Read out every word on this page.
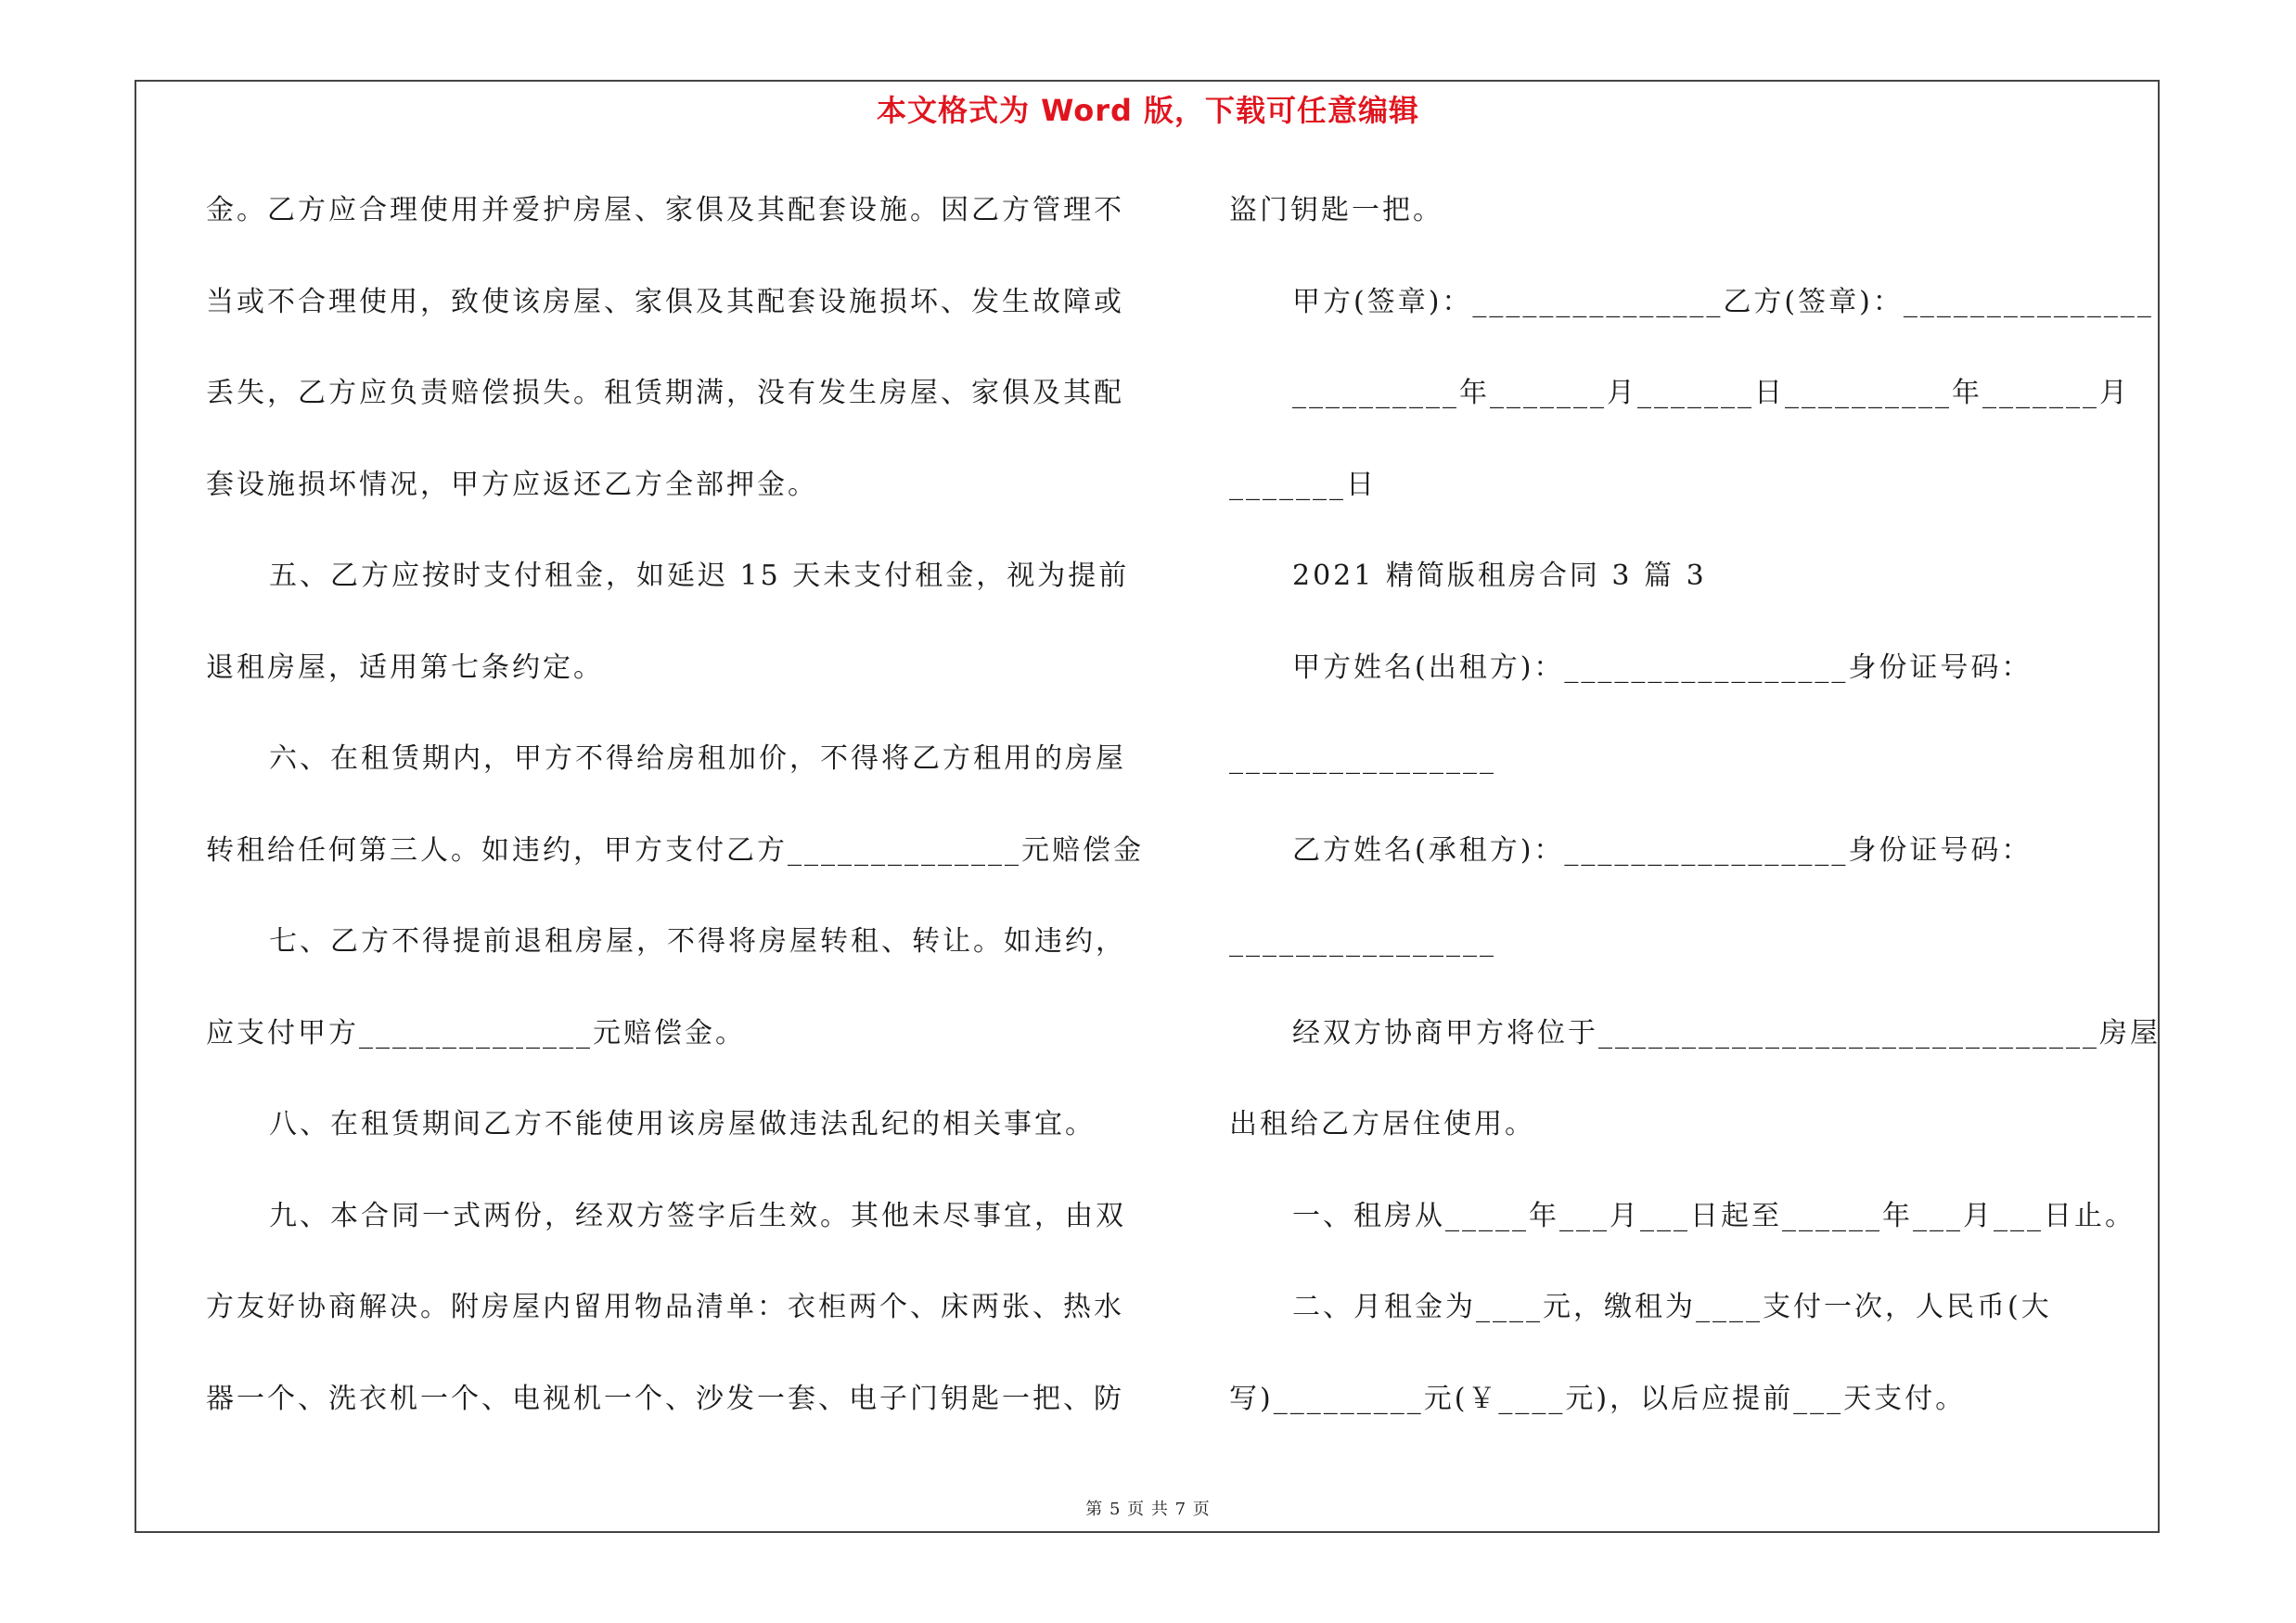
本文格式为 Word 版，下载可任意编辑
金。乙方应合理使用并爱护房屋、家俱及其配套设施。因乙方管理不
当或不合理使用，致使该房屋、家俱及其配套设施损坏、发生故障或
丢失，乙方应负责赔偿损失。租赁期满，没有发生房屋、家俱及其配
套设施损坏情况，甲方应返还乙方全部押金。
五、乙方应按时支付租金，如延迟 15 天未支付租金，视为提前
退租房屋，适用第七条约定。
六、在租赁期内，甲方不得给房租加价，不得将乙方租用的房屋
转租给任何第三人。如违约，甲方支付乙方______________元赔偿金
七、乙方不得提前退租房屋，不得将房屋转租、转让。如违约，
应支付甲方______________元赔偿金。
八、在租赁期间乙方不能使用该房屋做违法乱纪的相关事宜。
九、本合同一式两份，经双方签字后生效。其他未尽事宜，由双
方友好协商解决。附房屋内留用物品清单：衣柜两个、床两张、热水
器一个、洗衣机一个、电视机一个、沙发一套、电子门钥匙一把、防
盗门钥匙一把。
甲方(签章)：_______________乙方(签章)：_______________
__________年_______月_______日__________年_______月
_______日
2021 精简版租房合同 3 篇 3
甲方姓名(出租方)：_________________身份证号码：
________________
乙方姓名(承租方)：_________________身份证号码：
________________
经双方协商甲方将位于______________________________房屋
出租给乙方居住使用。
一、租房从_____年___月___日起至______年___月___日止。
二、月租金为____元，缴租为____支付一次，人民币(大
写)_________元(￥____元)，以后应提前___天支付。
第 5 页 共 7 页
